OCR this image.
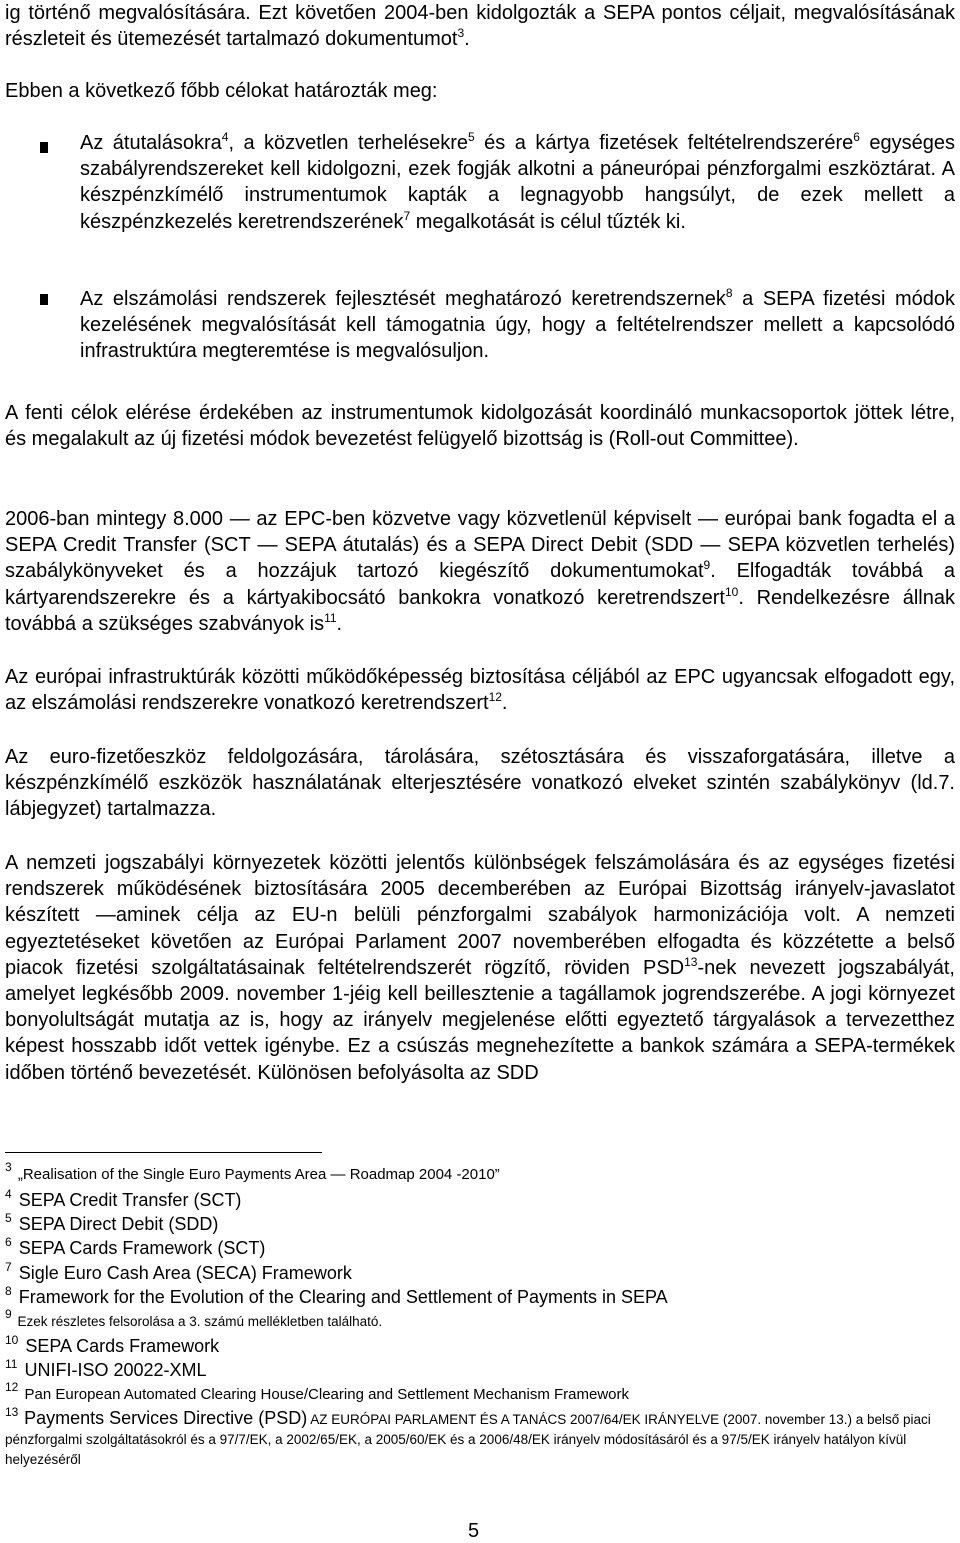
ig történő megvalósítására. Ezt követően 2004-ben kidolgozták a SEPA pontos céljait, megvalósításának részleteit és ütemezését tartalmazó dokumentumot$^3$.

Ebben a következő főbb célokat határozták meg:

Az átutalásokra$^4$, a közvetlen terhelésekre$^5$ és a kártya fizetések feltételrendszerére$^6$ egységes szabályrendszereket kell kidolgozni, ezek fogják alkotni a páneurópai pénzforgalmi eszköztárat. A készpénzkímélő instrumentumok kapták a legnagyobb hangsúlyt, de ezek mellett a készpénzkezelés keretrendszerének$^7$ megalkotását is célul tűzték ki.

Az elszámolási rendszerek fejlesztését meghatározó keretrendszernek$^8$ a SEPA fizetési módok kezelésének megvalósítását kell támogatnia úgy, hogy a feltételrendszer mellett a kapcsolódó infrastruktúra megteremtése is megvalósuljon.

A fenti célok elérése érdekében az instrumentumok kidolgozását koordináló munkacsoportok jöttek létre, és megalakult az új fizetési módok bevezetést felügyelő bizottság is (Roll-out Committee).

2006-ban mintegy 8.000 — az EPC-ben közvetve vagy közvetlenül képviselt — európai bank fogadta el a SEPA Credit Transfer (SCT — SEPA átutalás) és a SEPA Direct Debit (SDD — SEPA közvetlen terhelés) szabálykönyveket és a hozzájuk tartozó kiegészítő dokumentumokat$^9$. Elfogadták továbbá a kártyarendszerekre és a kártyakibocsátó bankokra vonatkozó keretrendszert$^{10}$. Rendelkezésre állnak továbbá a szükséges szabványok $is^{11}$.

Az európai infrastruktúrák közötti működőképesség biztosítása céljából az EPC ugyancsak elfogadott egy, az elszámolási rendszerekre vonatkozó keretrendszert$^{12}$.

Az euro-fizetőeszköz feldolgozására, tárolására, szétosztására és visszaforgatására, illetve a készpénzkímélő eszközök használatának elterjesztésére vonatkozó elveket szintén szabálykönyv (ld.7. lábjegyzet) tartalmazza.

A nemzeti jogszabályi környezetek közötti jelentős különbségek felszámolására és az egységes fizetési rendszerek működésének biztosítására 2005 decemberében az Európai Bizottság irányelv-javaslatot készített —aminek célja az EU-n belüli pénzforgalmi szabályok harmonizációja volt. A nemzeti egyeztetéseket követően az Európai Parlament 2007 novemberében elfogadta és közzétette a belső piacok fizetési szolgáltatásainak feltételrendszerét rögzítő, röviden PSD$^{13}$-nek nevezett jogszabályát, amelyet legkésőbb 2009. november 1-jéig kell beillesztenie a tagállamok jogrendszerébe. A jogi környezet bonyolultságát mutatja az is, hogy az irányelv megjelenése előtti egyeztető tárgyalások a tervezetthez képest hosszabb időt vettek igénybe. Ez a csúszás megnehezítette a bankok számára a SEPA-termékek időben történő bevezetését. Különösen befolyásolta az SDD

$^3$ „Realisation of the Single Euro Payments Area — Roadmap 2004 -2010”

$^4$ SEPA Credit Transfer (SCT)

$^5$ SEPA Direct Debit (SDD)

$^6$ SEPA Cards Framework (SCT)

$^7$ Sigle Euro Cash Area (SECA) Framework

$^8$ Framework for the Evolution of the Clearing and Settlement of Payments in SEPA

9 Ezek részletes felsorolása a 3. számú mellékletben található.

$^{10}$ SEPA Cards Framework

$^{11}$ UNIFI-ISO 20022-XML

$^{12}$ Pan European Automated Clearing House/Clearing and Settlement Mechanism Framework

13 Payments Services Directive (PSD) AZ EURÓPAI PARLAMENT ÉS A TANÁCS 2007/64/EK IRÁNYELVE (2007. november 13.) a belső piaci pénzforgalmi szolgáltatásokról és a 97/7/EK, a 2002/65/EK, a 2005/60/EK és a 2006/48/EK irányelv módosításáról és a 97/5/EK irányelv hatályon kívül helyezéséről

5
